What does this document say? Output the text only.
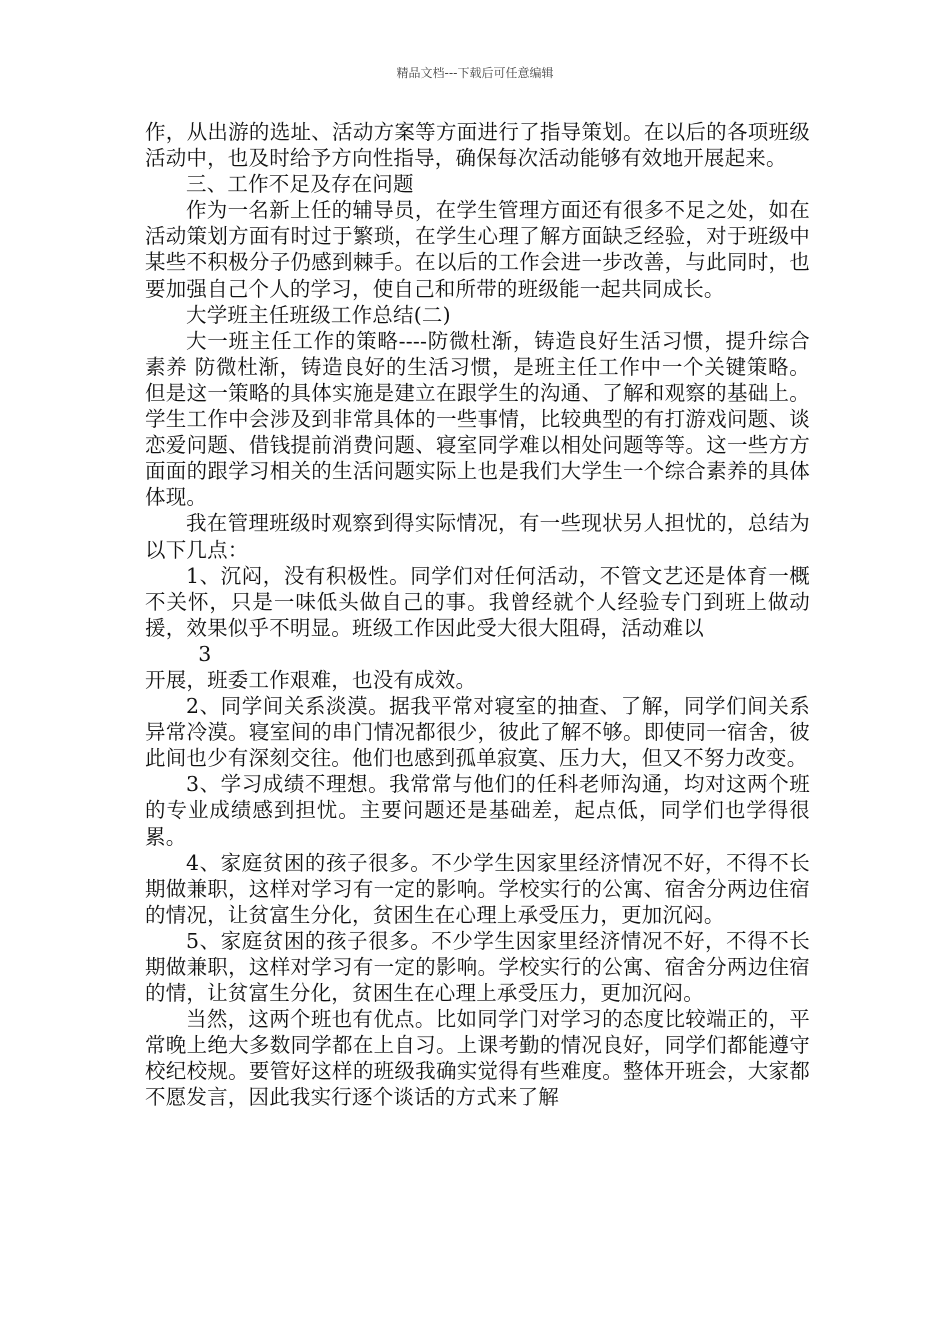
精品文档---下载后可任意编辑

作，从出游的选址、活动方案等方面进行了指导策划。在以后的各项班级活动中，也及时给予方向性指导，确保每次活动能够有效地开展起来。

三、工作不足及存在问题

作为一名新上任的辅导员，在学生管理方面还有很多不足之处，如在活动策划方面有时过于繁琐，在学生心理了解方面缺乏经验，对于班级中某些不积极分子仍感到棘手。在以后的工作会进一步改善，与此同时，也要加强自己个人的学习，使自己和所带的班级能一起共同成长。

大学班主任班级工作总结(二)

大一班主任工作的策略----防微杜渐，铸造良好生活习惯，提升综合素养 防微杜渐，铸造良好的生活习惯，是班主任工作中一个关键策略。但是这一策略的具体实施是建立在跟学生的沟通、了解和观察的基础上。学生工作中会涉及到非常具体的一些事情，比较典型的有打游戏问题、谈恋爱问题、借钱提前消费问题、寝室同学难以相处问题等等。这一些方方面面的跟学习相关的生活问题实际上也是我们大学生一个综合素养的具体体现。

我在管理班级时观察到得实际情况，有一些现状另人担忧的，总结为以下几点：

1、沉闷，没有积极性。同学们对任何活动，不管文艺还是体育一概不关怀，只是一味低头做自己的事。我曾经就个人经验专门到班上做动援，效果似乎不明显。班级工作因此受大很大阻碍，活动难以

3

开展，班委工作艰难，也没有成效。

2、同学间关系淡漠。据我平常对寝室的抽查、了解，同学们间关系异常冷漠。寝室间的串门情况都很少，彼此了解不够。即使同一宿舍，彼此间也少有深刻交往。他们也感到孤单寂寞、压力大，但又不努力改变。

3、学习成绩不理想。我常常与他们的任科老师沟通，均对这两个班的专业成绩感到担忧。主要问题还是基础差，起点低，同学们也学得很累。

4、家庭贫困的孩子很多。不少学生因家里经济情况不好，不得不长期做兼职，这样对学习有一定的影响。学校实行的公寓、宿舍分两边住宿的情况，让贫富生分化，贫困生在心理上承受压力，更加沉闷。

5、家庭贫困的孩子很多。不少学生因家里经济情况不好，不得不长期做兼职，这样对学习有一定的影响。学校实行的公寓、宿舍分两边住宿的情，让贫富生分化，贫困生在心理上承受压力，更加沉闷。

当然，这两个班也有优点。比如同学门对学习的态度比较端正的，平常晚上绝大多数同学都在上自习。上课考勤的情况良好，同学们都能遵守校纪校规。要管好这样的班级我确实觉得有些难度。整体开班会，大家都不愿发言，因此我实行逐个谈话的方式来了解
